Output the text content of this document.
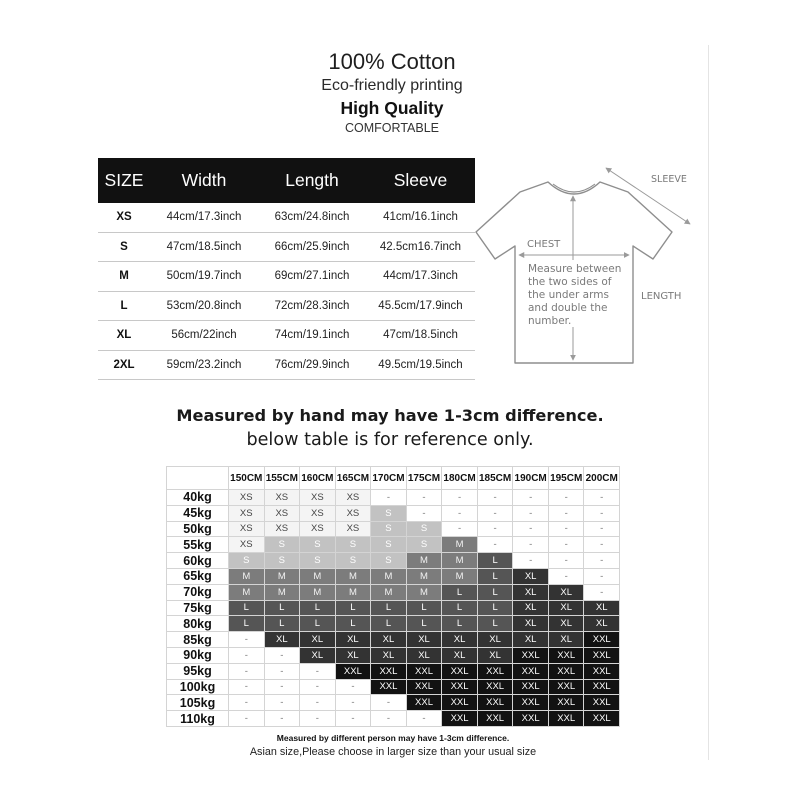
100% Cotton
Eco-friendly printing
High Quality
COMFORTABLE
SIZE	Width	Length	Sleeve
XS	44cm/17.3inch	63cm/24.8inch	41cm/16.1inch
S	47cm/18.5inch	66cm/25.9inch	42.5cm16.7inch
M	50cm/19.7inch	69cm/27.1inch	44cm/17.3inch
L	53cm/20.8inch	72cm/28.3inch	45.5cm/17.9inch
XL	56cm/22inch	74cm/19.1inch	47cm/18.5inch
2XL	59cm/23.2inch	76cm/29.9inch	49.5cm/19.5inch
SLEEVE
CHEST
LENGTH
Measure between
the two sides of
the under arms
and double the
number.
Measured by hand may have 1-3cm difference.
below table is for reference only.
150CM 155CM 160CM 165CM 170CM 175CM 180CM 185CM 190CM 195CM 200CM
40kg	XS	XS	XS	XS	-	-	-	-	-	-	-
45kg	XS	XS	XS	XS	S	-	-	-	-	-	-
50kg	XS	XS	XS	XS	S	S	-	-	-	-	-
55kg	XS	S	S	S	S	S	M	-	-	-	-
60kg	S	S	S	S	S	M	M	L	-	-	-
65kg	M	M	M	M	M	M	M	L	XL	-	-
70kg	M	M	M	M	M	M	L	L	XL	XL	-
75kg	L	L	L	L	L	L	L	L	XL	XL	XL
80kg	L	L	L	L	L	L	L	L	XL	XL	XL
85kg	-	XL	XL	XL	XL	XL	XL	XL	XL	XL	XXL
90kg	-	-	XL	XL	XL	XL	XL	XL	XXL	XXL	XXL
95kg	-	-	-	XXL	XXL	XXL	XXL	XXL	XXL	XXL	XXL
100kg	-	-	-	-	XXL	XXL	XXL	XXL	XXL	XXL	XXL
105kg	-	-	-	-	-	XXL	XXL	XXL	XXL	XXL	XXL
110kg	-	-	-	-	-	-	XXL	XXL	XXL	XXL	XXL
Measured by different person may have 1-3cm difference.
Asian size,Please choose in larger size than your usual size
